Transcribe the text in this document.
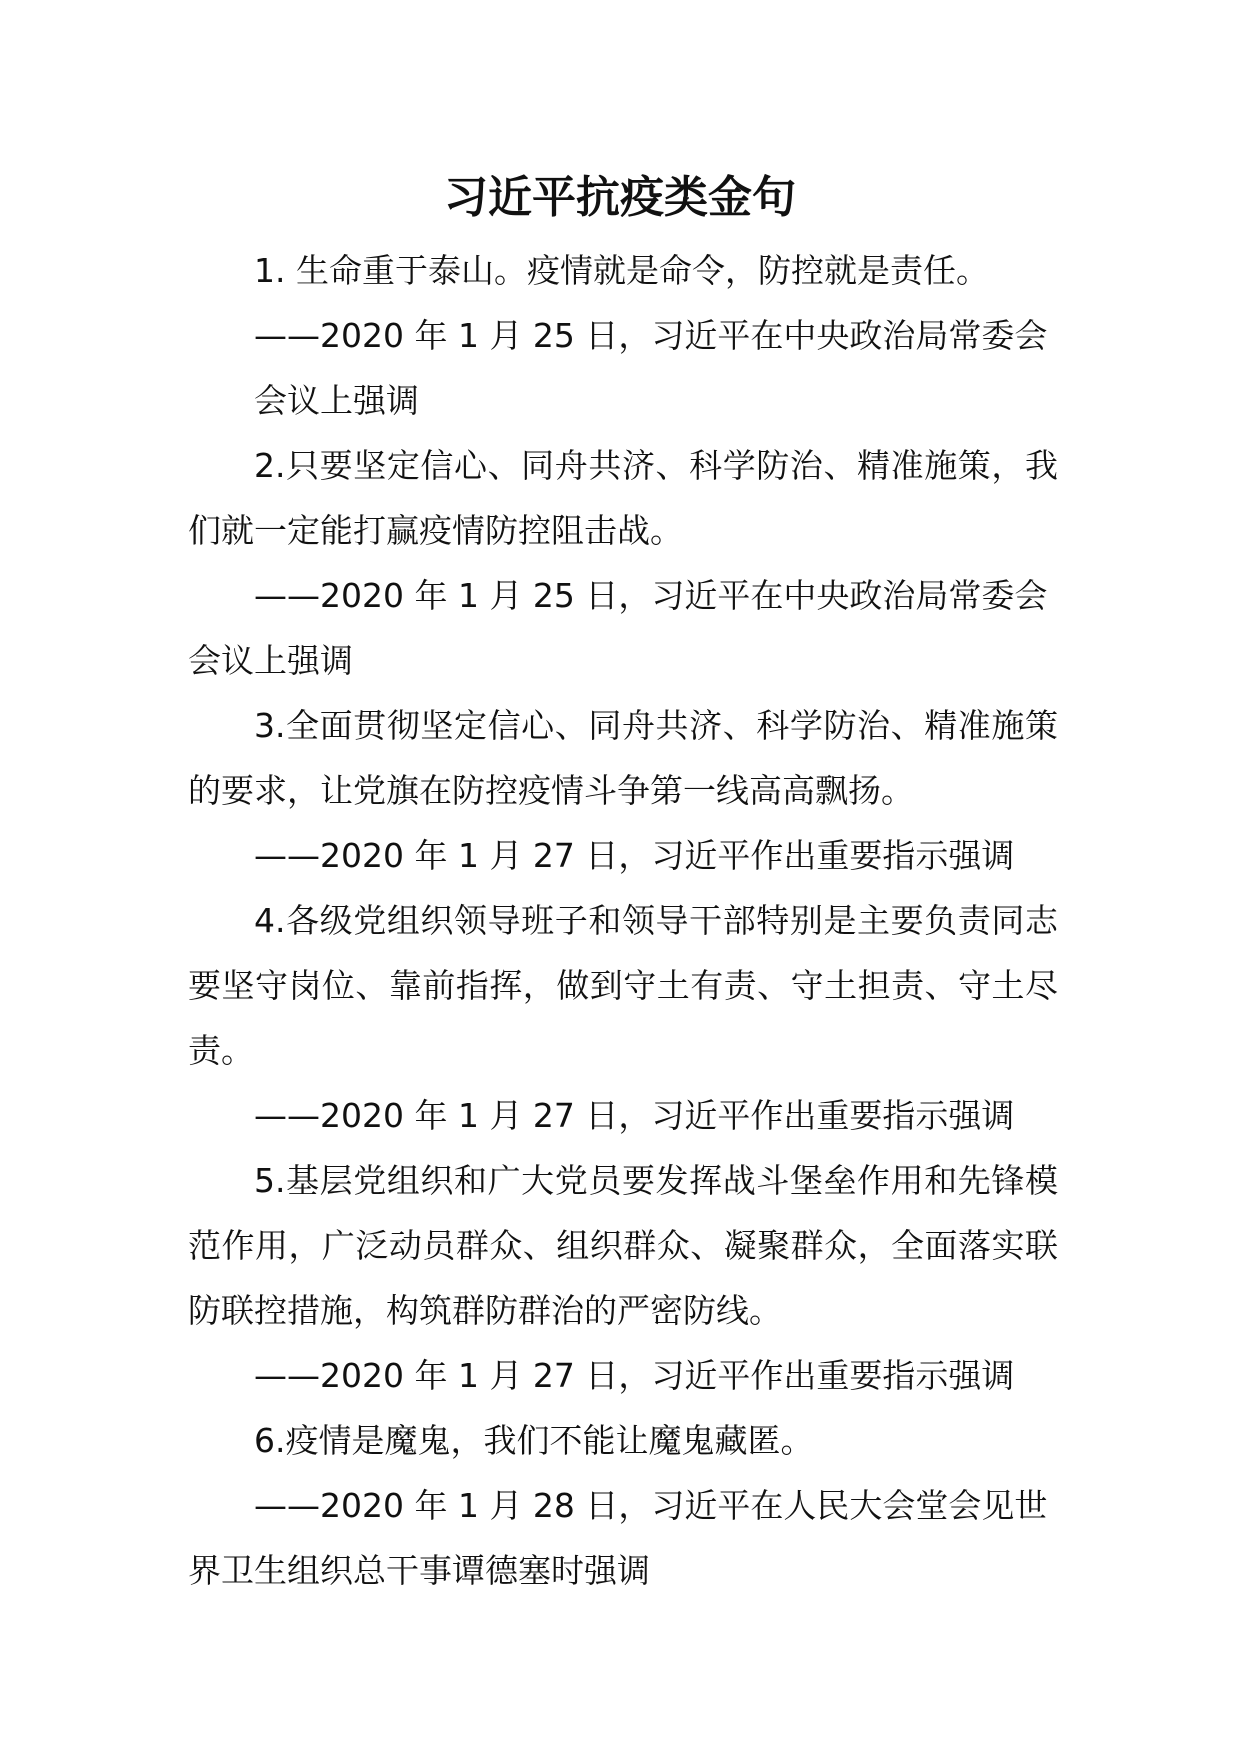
习近平抗疫类金句

1. 生命重于泰山。疫情就是命令，防控就是责任。

——2020 年 1 月 25 日，习近平在中央政治局常委会
会议上强调

2.只要坚定信心、同舟共济、科学防治、精准施策，我们就一定能打赢疫情防控阻击战。

——2020 年 1 月 25 日，习近平在中央政治局常委会会议上强调

3.全面贯彻坚定信心、同舟共济、科学防治、精准施策的要求，让党旗在防控疫情斗争第一线高高飘扬。

——2020 年 1 月 27 日，习近平作出重要指示强调

4.各级党组织领导班子和领导干部特别是主要负责同志要坚守岗位、靠前指挥，做到守土有责、守土担责、守土尽责。

——2020 年 1 月 27 日，习近平作出重要指示强调

5.基层党组织和广大党员要发挥战斗堡垒作用和先锋模范作用，广泛动员群众、组织群众、凝聚群众，全面落实联防联控措施，构筑群防群治的严密防线。

——2020 年 1 月 27 日，习近平作出重要指示强调

6.疫情是魔鬼，我们不能让魔鬼藏匿。

——2020 年 1 月 28 日，习近平在人民大会堂会见世界卫生组织总干事谭德塞时强调
